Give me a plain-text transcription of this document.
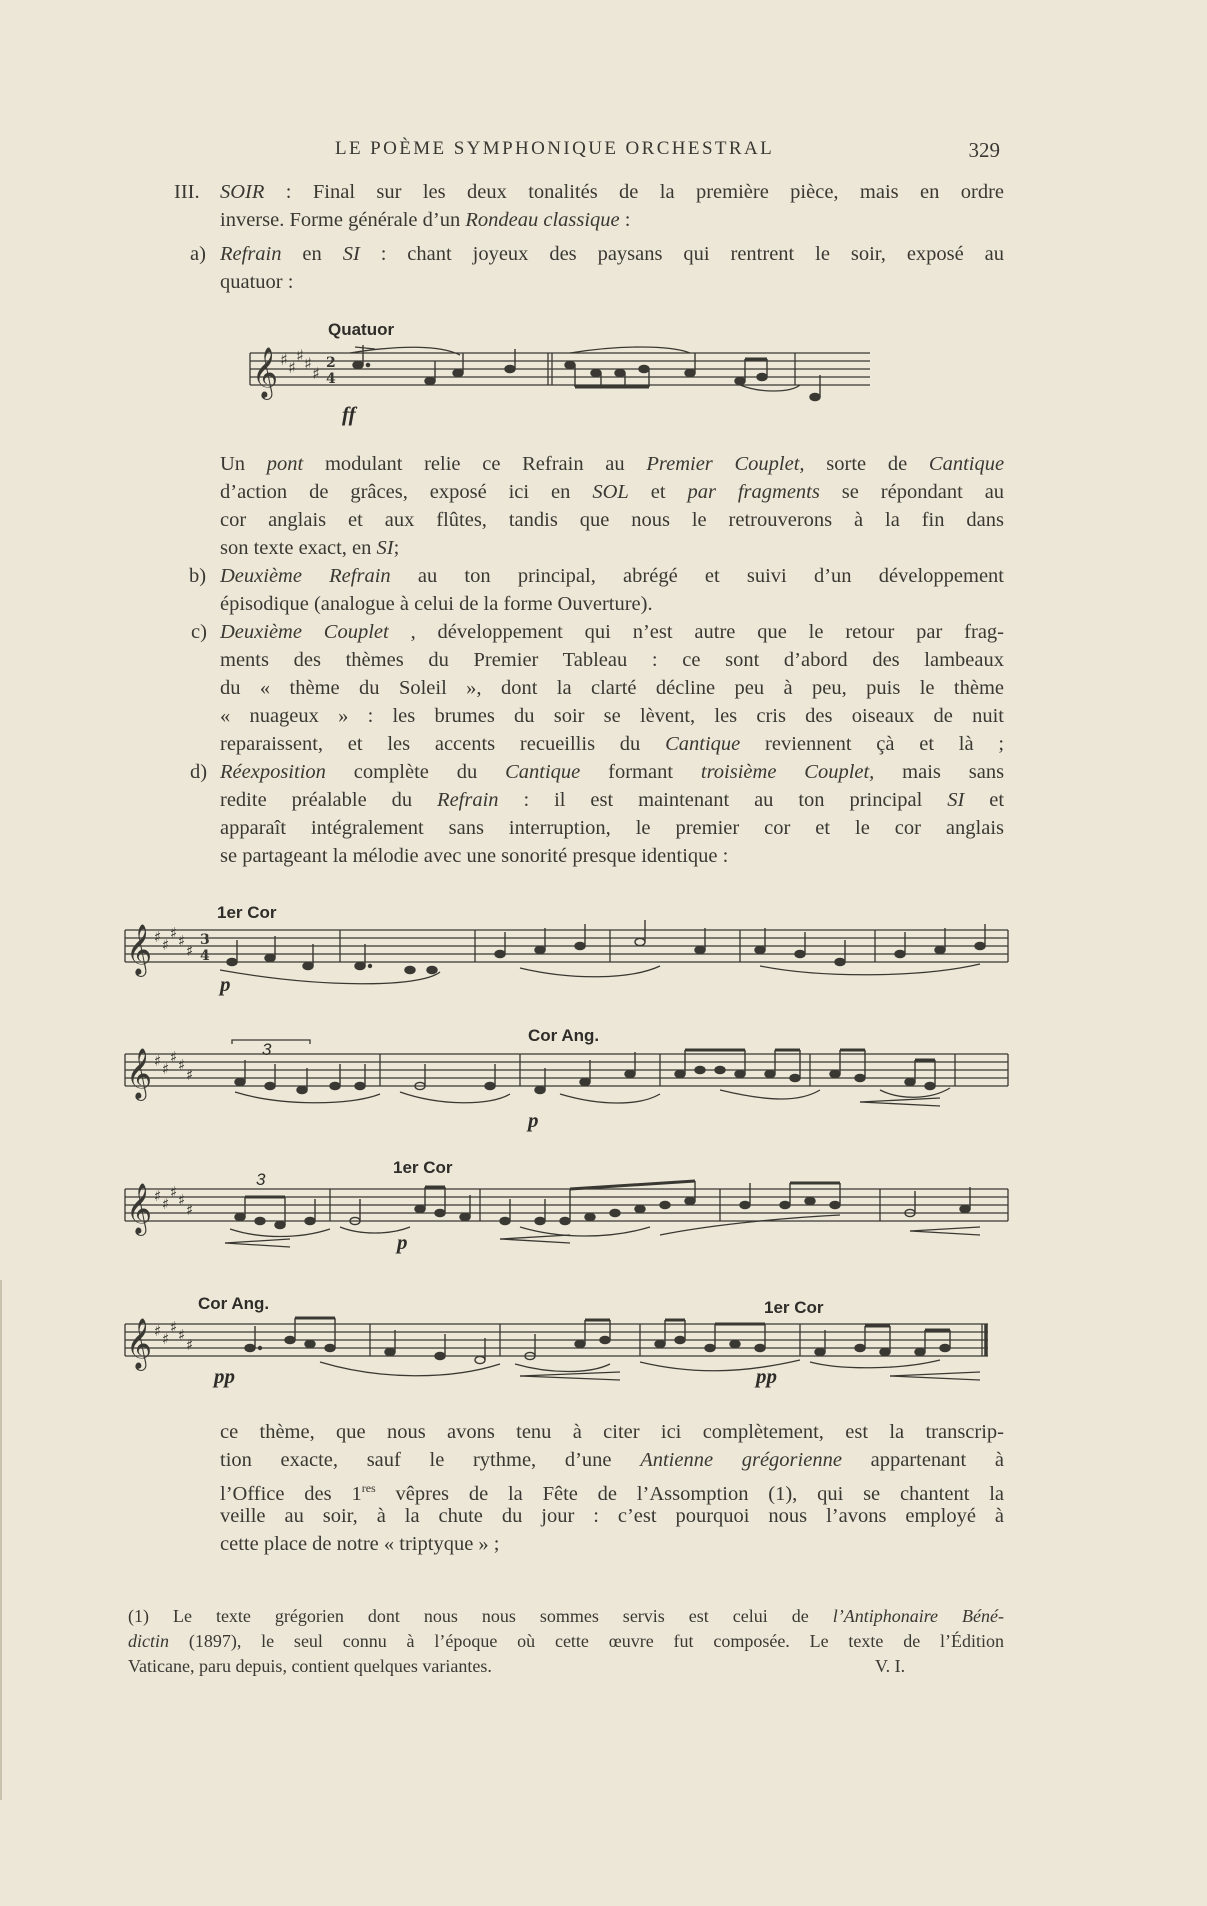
LE POÈME SYMPHONIQUE ORCHESTRAL	329
III. SOIR : Final sur les deux tonalités de la première pièce, mais en ordre
inverse. Forme générale d’un Rondeau classique :
a) Refrain en SI : chant joyeux des paysans qui rentrent le soir, exposé au
quatuor :
Un pont modulant relie ce Refrain au Premier Couplet, sorte de Cantique
d’action de grâces, exposé ici en SOL et par fragments se répondant au
cor anglais et aux flûtes, tandis que nous le retrouverons à la fin dans
son texte exact, en SI;
b) Deuxième Refrain au ton principal, abrégé et suivi d’un développement
épisodique (analogue à celui de la forme Ouverture).
c) Deuxième Couplet , développement qui n’est autre que le retour par frag-
ments des thèmes du Premier Tableau : ce sont d’abord des lambeaux
du « thème du Soleil », dont la clarté décline peu à peu, puis le thème
« nuageux » : les brumes du soir se lèvent, les cris des oiseaux de nuit
reparaissent, et les accents recueillis du Cantique reviennent çà et là ;
d) Réexposition complète du Cantique formant troisième Couplet, mais sans
redite préalable du Refrain : il est maintenant au ton principal SI et
apparaît intégralement sans interruption, le premier cor et le cor anglais
se partageant la mélodie avec une sonorité presque identique :
ce thème, que nous avons tenu à citer ici complètement, est la transcrip-
tion exacte, sauf le rythme, d’une Antienne grégorienne appartenant à
l’Office des 1res vêpres de la Fête de l’Assomption (1), qui se chantent la
veille au soir, à la chute du jour : c’est pourquoi nous l’avons employé à
cette place de notre « triptyque » ;
(1) Le texte grégorien dont nous nous sommes servis est celui de l’Antiphonaire Béné-
dictin (1897), le seul connu à l’époque où cette œuvre fut composée. Le texte de l’Édition
Vaticane, paru depuis, contient quelques variantes.	V. I.
Quatuor
ff
𝄞 ♯ ♯
♯ ♯
♯
2
4
1er Cor
p
𝄞 ♯ ♯
♯ ♯
♯
3
4
3
Cor Ang.
p
𝄞 ♯ ♯
♯ ♯
♯
3
1er Cor
p
𝄞 ♯ ♯
♯ ♯
♯
Cor Ang.
pp
1er Cor
pp
𝄞 ♯ ♯
♯ ♯
♯
